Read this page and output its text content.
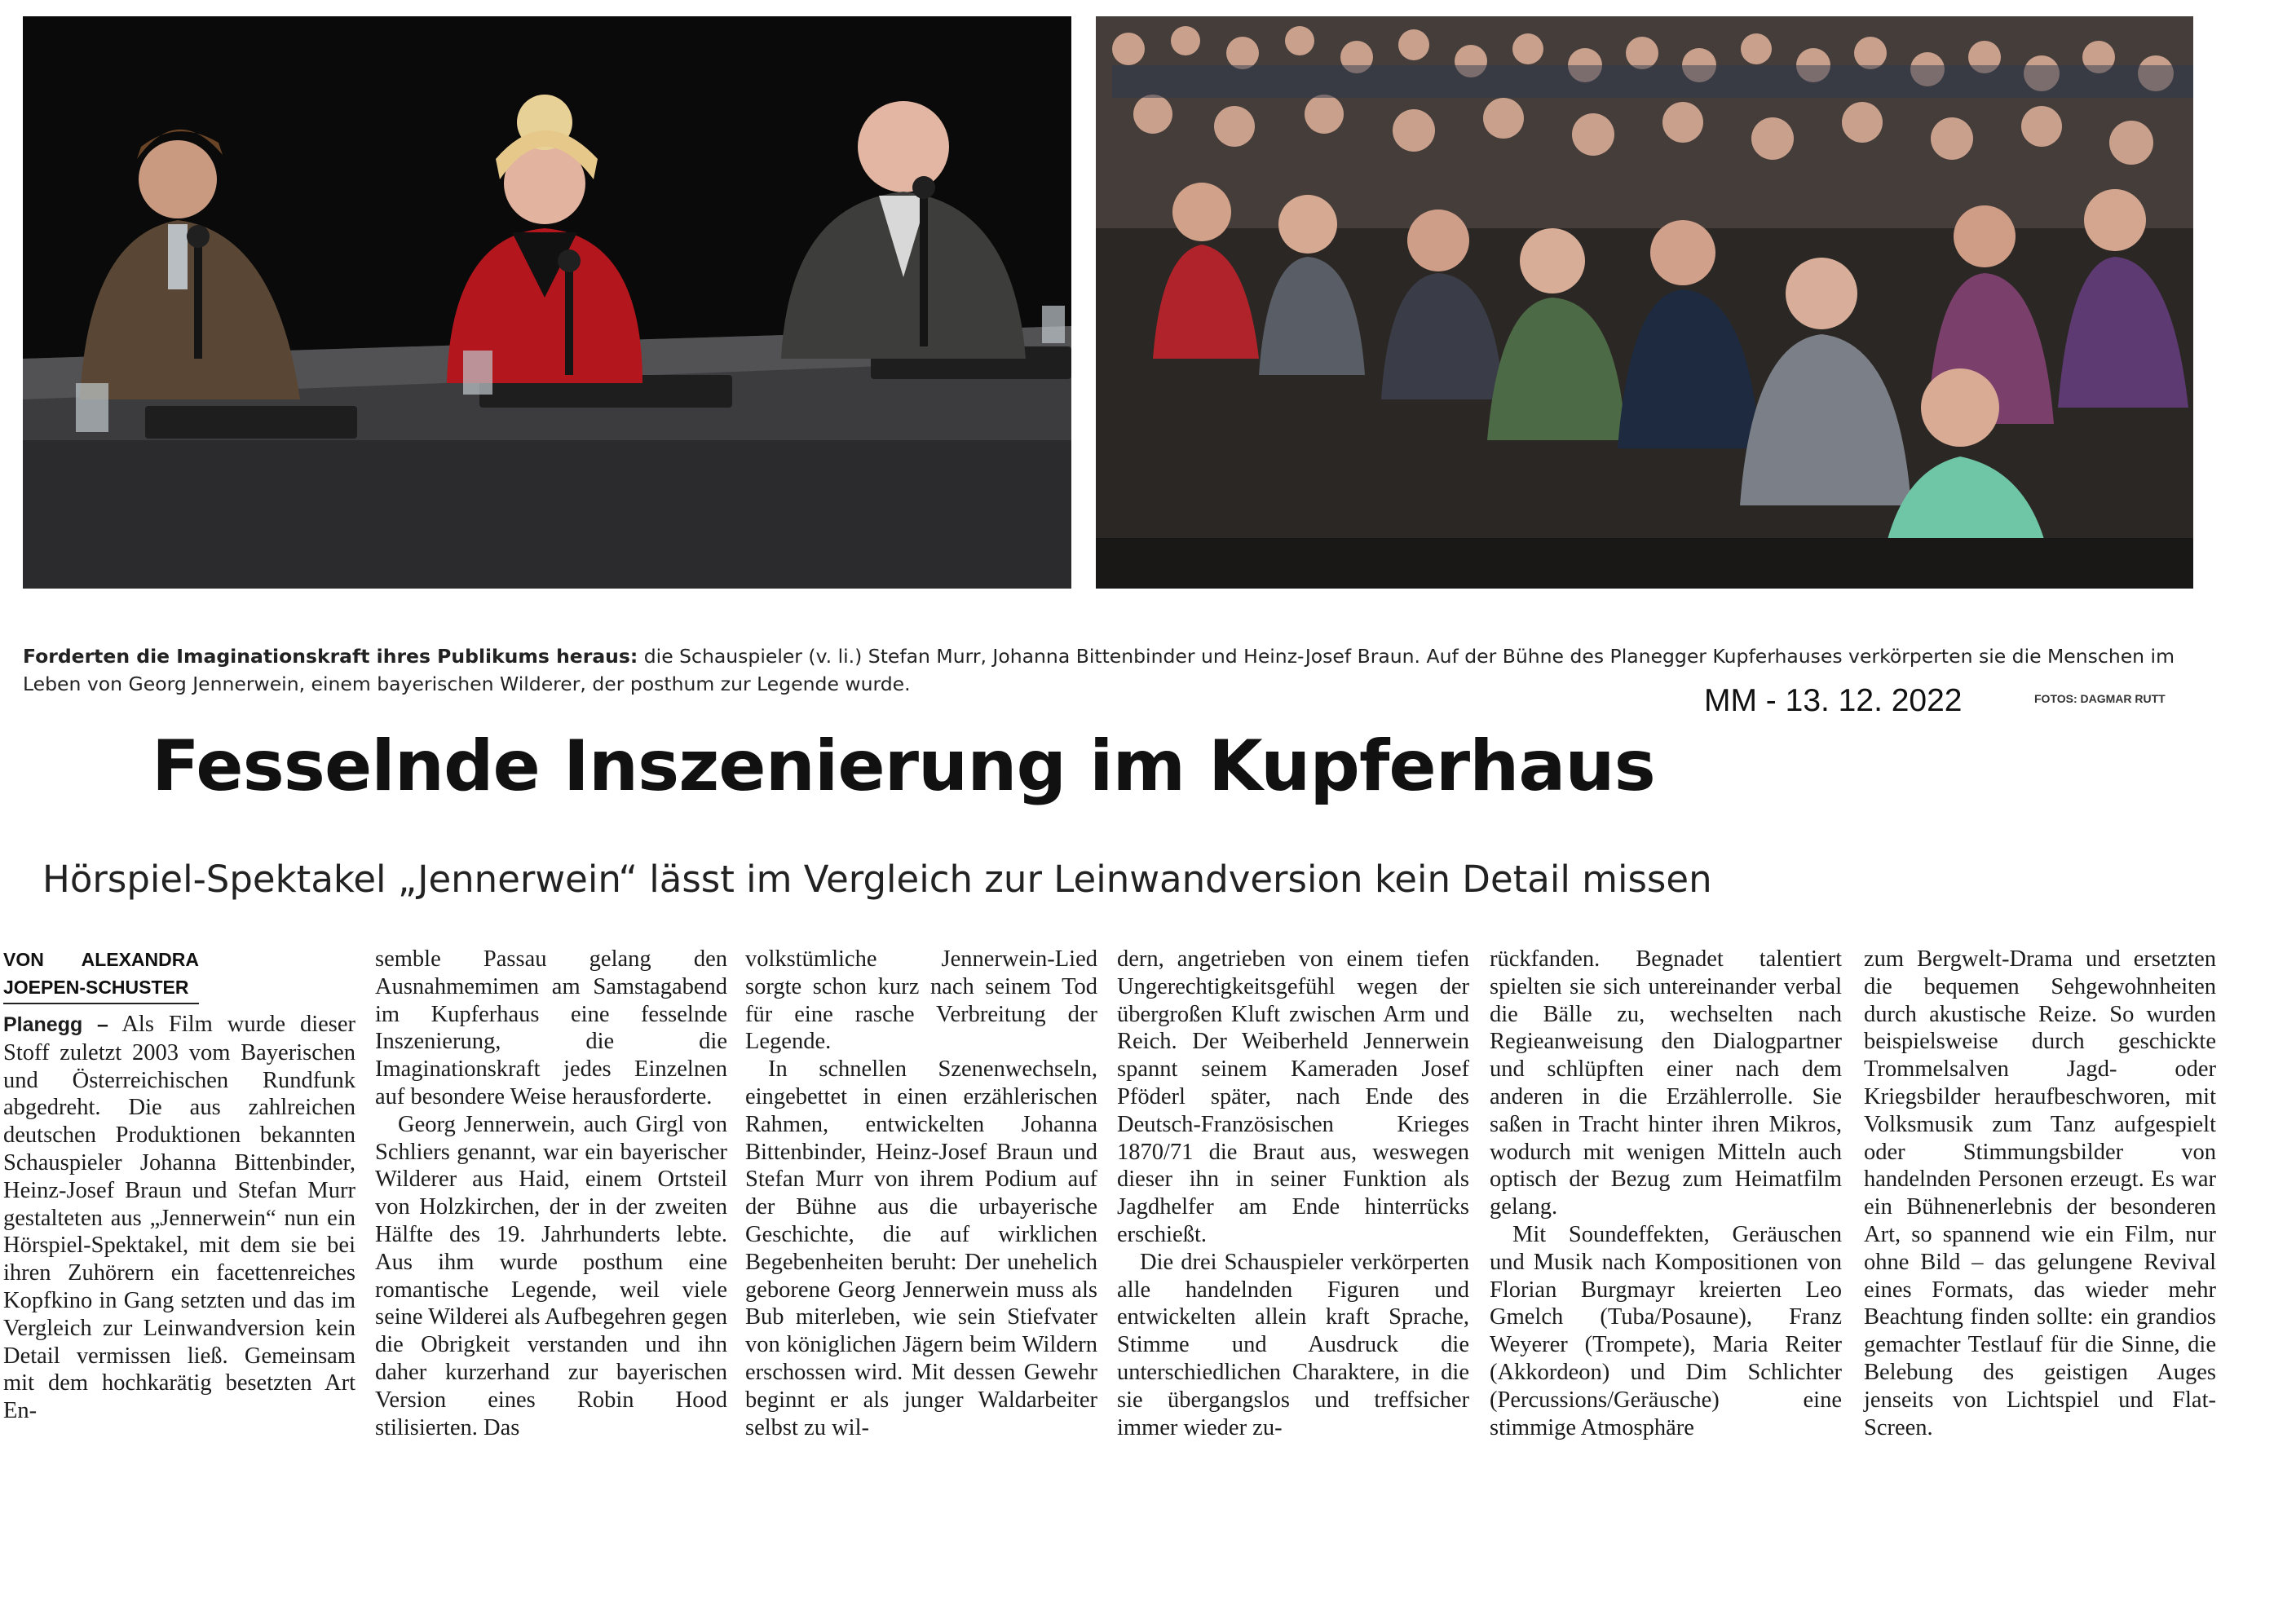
Forderten die Imaginationskraft ihres Publikums heraus: die Schauspieler (v. li.) Stefan Murr, Johanna Bittenbinder und Heinz-Josef Braun. Auf der Bühne des Planegger Kupferhauses verkörperten sie die Menschen im Leben von Georg Jennerwein, einem bayerischen Wilderer, der posthum zur Legende wurde.	MM - 13. 12. 2022	FOTOS: DAGMAR RUTT
Fesselnde Inszenierung im Kupferhaus
Hörspiel-Spektakel „Jennerwein“ lässt im Vergleich zur Leinwandversion kein Detail missen
VON ALEXANDRA JOEPEN-SCHUSTER

Planegg – Als Film wurde dieser Stoff zuletzt 2003 vom Bayerischen und Österreichischen Rundfunk abgedreht. Die aus zahlreichen deutschen Produktionen bekannten Schauspieler Johanna Bittenbinder, Heinz-Josef Braun und Stefan Murr gestalteten aus „Jennerwein“ nun ein Hörspiel-Spektakel, mit dem sie bei ihren Zuhörern ein facettenreiches Kopfkino in Gang setzten und das im Vergleich zur Leinwandversion kein Detail vermissen ließ. Gemeinsam mit dem hochkarätig besetzten Art En-

semble Passau gelang den Ausnahmemimen am Samstagabend im Kupferhaus eine fesselnde Inszenierung, die die Imaginationskraft jedes Einzelnen auf besondere Weise herausforderte.

Georg Jennerwein, auch Girgl von Schliers genannt, war ein bayerischer Wilderer aus Haid, einem Ortsteil von Holzkirchen, der in der zweiten Hälfte des 19. Jahrhunderts lebte. Aus ihm wurde posthum eine romantische Legende, weil viele seine Wilderei als Aufbegehren gegen die Obrigkeit verstanden und ihn daher kurzerhand zur bayerischen Version eines Robin Hood stilisierten. Das

volkstümliche Jennerwein-Lied sorgte schon kurz nach seinem Tod für eine rasche Verbreitung der Legende.

In schnellen Szenenwechseln, eingebettet in einen erzählerischen Rahmen, entwickelten Johanna Bittenbinder, Heinz-Josef Braun und Stefan Murr von ihrem Podium auf der Bühne aus die urbayerische Geschichte, die auf wirklichen Begebenheiten beruht: Der unehelich geborene Georg Jennerwein muss als Bub miterleben, wie sein Stiefvater von königlichen Jägern beim Wildern erschossen wird. Mit dessen Gewehr beginnt er als junger Waldarbeiter selbst zu wil-

dern, angetrieben von einem tiefen Ungerechtigkeitsgefühl wegen der übergroßen Kluft zwischen Arm und Reich. Der Weiberheld Jennerwein spannt seinem Kameraden Josef Pföderl später, nach Ende des Deutsch-Französischen Krieges 1870/71 die Braut aus, weswegen dieser ihn in seiner Funktion als Jagdhelfer am Ende hinterrücks erschießt.

Die drei Schauspieler verkörperten alle handelnden Figuren und entwickelten allein kraft Sprache, Stimme und Ausdruck die unterschiedlichen Charaktere, in die sie übergangslos und treffsicher immer wieder zu-

rückfanden. Begnadet talentiert spielten sie sich untereinander verbal die Bälle zu, wechselten nach Regieanweisung den Dialogpartner und schlüpften einer nach dem anderen in die Erzählerrolle. Sie saßen in Tracht hinter ihren Mikros, wodurch mit wenigen Mitteln auch optisch der Bezug zum Heimatfilm gelang.

Mit Soundeffekten, Geräuschen und Musik nach Kompositionen von Florian Burgmayr kreierten Leo Gmelch (Tuba/Posaune), Franz Weyerer (Trompete), Maria Reiter (Akkordeon) und Dim Schlichter (Percussions/Geräusche) eine stimmige Atmosphäre

zum Bergwelt-Drama und ersetzten die bequemen Sehgewohnheiten durch akustische Reize. So wurden beispielsweise durch geschickte Trommelsalven Jagd- oder Kriegsbilder heraufbeschworen, mit Volksmusik zum Tanz aufgespielt oder Stimmungsbilder von handelnden Personen erzeugt. Es war ein Bühnenerlebnis der besonderen Art, so spannend wie ein Film, nur ohne Bild – das gelungene Revival eines Formats, das wieder mehr Beachtung finden sollte: ein grandios gemachter Testlauf für die Sinne, die Belebung des geistigen Auges jenseits von Lichtspiel und Flat-Screen.
